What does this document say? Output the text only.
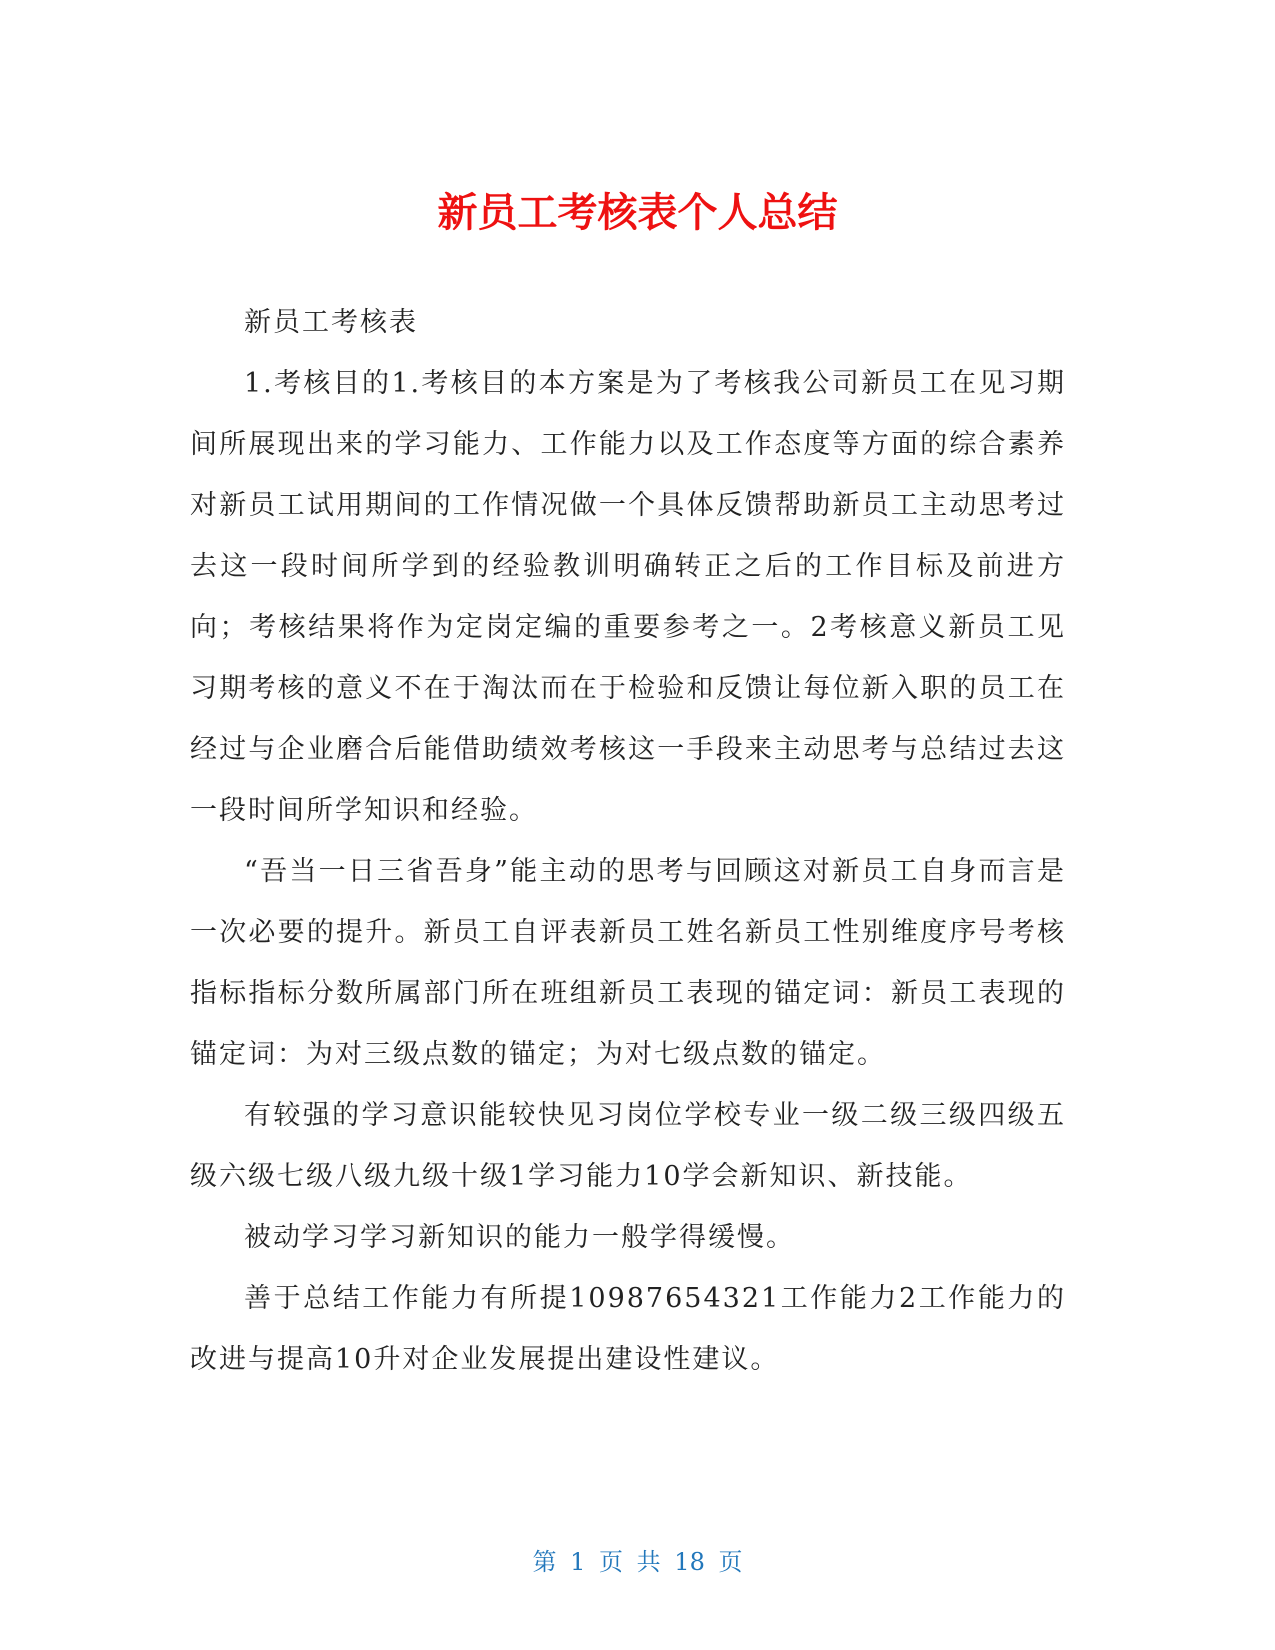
新员工考核表个人总结

新员工考核表

1.考核目的1.考核目的本方案是为了考核我公司新员工在见习期间所展现出来的学习能力、工作能力以及工作态度等方面的综合素养对新员工试用期间的工作情况做一个具体反馈帮助新员工主动思考过去这一段时间所学到的经验教训明确转正之后的工作目标及前进方向；考核结果将作为定岗定编的重要参考之一。2考核意义新员工见习期考核的意义不在于淘汰而在于检验和反馈让每位新入职的员工在经过与企业磨合后能借助绩效考核这一手段来主动思考与总结过去这一段时间所学知识和经验。

“吾当一日三省吾身”能主动的思考与回顾这对新员工自身而言是一次必要的提升。新员工自评表新员工姓名新员工性别维度序号考核指标指标分数所属部门所在班组新员工表现的锚定词：新员工表现的锚定词：为对三级点数的锚定；为对七级点数的锚定。

有较强的学习意识能较快见习岗位学校专业一级二级三级四级五级六级七级八级九级十级1学习能力10学会新知识、新技能。

被动学习学习新知识的能力一般学得缓慢。

善于总结工作能力有所提10987654321工作能力2工作能力的改进与提高10升对企业发展提出建设性建议。

第 1 页 共 18 页
